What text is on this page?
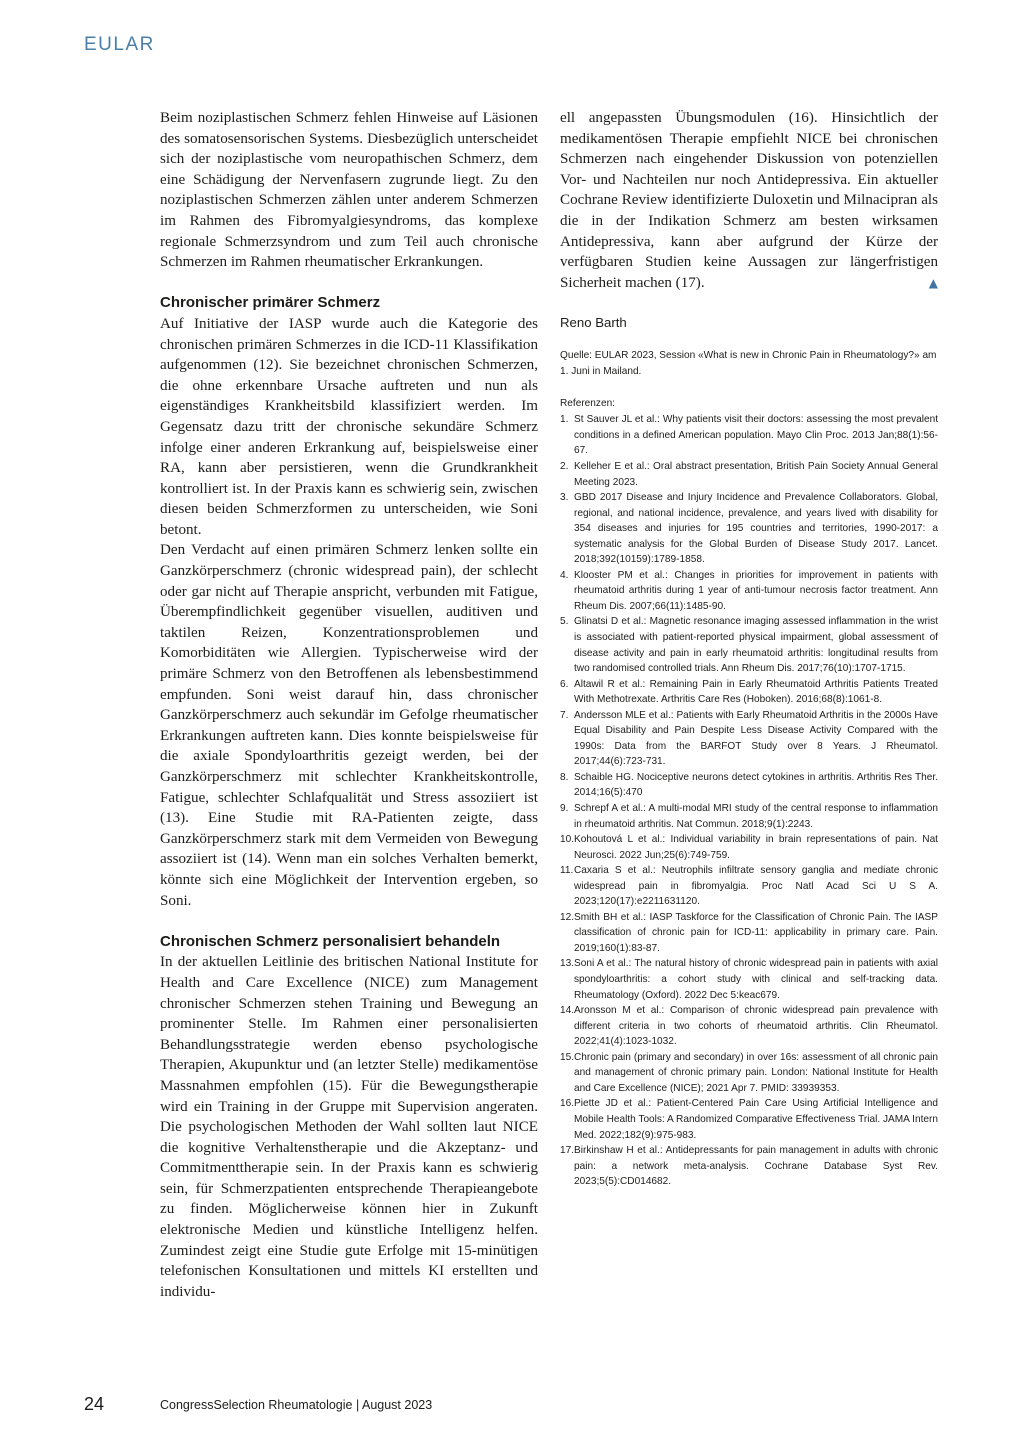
EULAR

Beim noziplastischen Schmerz fehlen Hinweise auf Läsionen des somatosensorischen Systems. Diesbezüglich unterscheidet sich der noziplastische vom neuropathischen Schmerz, dem eine Schädigung der Nervenfasern zugrunde liegt. Zu den noziplastischen Schmerzen zählen unter anderem Schmerzen im Rahmen des Fibromyalgiesyndroms, das komplexe regionale Schmerzsyndrom und zum Teil auch chronische Schmerzen im Rahmen rheumatischer Erkrankungen.

Chronischer primärer Schmerz

Auf Initiative der IASP wurde auch die Kategorie des chronischen primären Schmerzes in die ICD-11 Klassifikation aufgenommen (12). Sie bezeichnet chronischen Schmerzen, die ohne erkennbare Ursache auftreten und nun als eigenständiges Krankheitsbild klassifiziert werden. Im Gegensatz dazu tritt der chronische sekundäre Schmerz infolge einer anderen Erkrankung auf, beispielsweise einer RA, kann aber persistieren, wenn die Grundkrankheit kontrolliert ist. In der Praxis kann es schwierig sein, zwischen diesen beiden Schmerzformen zu unterscheiden, wie Soni betont.

Den Verdacht auf einen primären Schmerz lenken sollte ein Ganzkörperschmerz (chronic widespread pain), der schlecht oder gar nicht auf Therapie anspricht, verbunden mit Fatigue, Überempfindlichkeit gegenüber visuellen, auditiven und taktilen Reizen, Konzentrationsproblemen und Komorbiditäten wie Allergien. Typischerweise wird der primäre Schmerz von den Betroffenen als lebensbestimmend empfunden. Soni weist darauf hin, dass chronischer Ganzkörperschmerz auch sekundär im Gefolge rheumatischer Erkrankungen auftreten kann. Dies konnte beispielsweise für die axiale Spondyloarthritis gezeigt werden, bei der Ganzkörperschmerz mit schlechter Krankheitskontrolle, Fatigue, schlechter Schlafqualität und Stress assoziiert ist (13). Eine Studie mit RA-Patienten zeigte, dass Ganzkörperschmerz stark mit dem Vermeiden von Bewegung assoziiert ist (14). Wenn man ein solches Verhalten bemerkt, könnte sich eine Möglichkeit der Intervention ergeben, so Soni.

Chronischen Schmerz personalisiert behandeln

In der aktuellen Leitlinie des britischen National Institute for Health and Care Excellence (NICE) zum Management chronischer Schmerzen stehen Training und Bewegung an prominenter Stelle. Im Rahmen einer personalisierten Behandlungsstrategie werden ebenso psychologische Therapien, Akupunktur und (an letzter Stelle) medikamentöse Massnahmen empfohlen (15). Für die Bewegungstherapie wird ein Training in der Gruppe mit Supervision angeraten. Die psychologischen Methoden der Wahl sollten laut NICE die kognitive Verhaltenstherapie und die Akzeptanz- und Commitmenttherapie sein. In der Praxis kann es schwierig sein, für Schmerzpatienten entsprechende Therapieangebote zu finden. Möglicherweise können hier in Zukunft elektronische Medien und künstliche Intelligenz helfen. Zumindest zeigt eine Studie gute Erfolge mit 15-minütigen telefonischen Konsultationen und mittels KI erstellten und individu-

ell angepassten Übungsmodulen (16). Hinsichtlich der medikamentösen Therapie empfiehlt NICE bei chronischen Schmerzen nach eingehender Diskussion von potenziellen Vor- und Nachteilen nur noch Antidepressiva. Ein aktueller Cochrane Review identifizierte Duloxetin und Milnacipran als die in der Indikation Schmerz am besten wirksamen Antidepressiva, kann aber aufgrund der Kürze der verfügbaren Studien keine Aussagen zur längerfristigen Sicherheit machen (17).	▲

Reno Barth
Quelle: EULAR 2023, Session «What is new in Chronic Pain in Rheumatology?» am 1. Juni in Mailand.
Referenzen:
1. St Sauver JL et al.: Why patients visit their doctors: assessing the most prevalent conditions in a defined American population. Mayo Clin Proc. 2013 Jan;88(1):56-67.
2. Kelleher E et al.: Oral abstract presentation, British Pain Society Annual General Meeting 2023.
3. GBD 2017 Disease and Injury Incidence and Prevalence Collaborators. Global, regional, and national incidence, prevalence, and years lived with disability for 354 diseases and injuries for 195 countries and territories, 1990-2017: a systematic analysis for the Global Burden of Disease Study 2017. Lancet. 2018;392(10159):1789-1858.
4. Klooster PM et al.: Changes in priorities for improvement in patients with rheumatoid arthritis during 1 year of anti-tumour necrosis factor treatment. Ann Rheum Dis. 2007;66(11):1485-90.
5. Glinatsi D et al.: Magnetic resonance imaging assessed inflammation in the wrist is associated with patient-reported physical impairment, global assessment of disease activity and pain in early rheumatoid arthritis: longitudinal results from two randomised controlled trials. Ann Rheum Dis. 2017;76(10):1707-1715.
6. Altawil R et al.: Remaining Pain in Early Rheumatoid Arthritis Patients Treated With Methotrexate. Arthritis Care Res (Hoboken). 2016;68(8):1061-8.
7. Andersson MLE et al.: Patients with Early Rheumatoid Arthritis in the 2000s Have Equal Disability and Pain Despite Less Disease Activity Compared with the 1990s: Data from the BARFOT Study over 8 Years. J Rheumatol. 2017;44(6):723-731.
8. Schaible HG. Nociceptive neurons detect cytokines in arthritis. Arthritis Res Ther. 2014;16(5):470
9. Schrepf A et al.: A multi-modal MRI study of the central response to inflammation in rheumatoid arthritis. Nat Commun. 2018;9(1):2243.
10. Kohoutová L et al.: Individual variability in brain representations of pain. Nat Neurosci. 2022 Jun;25(6):749-759.
11. Caxaria S et al.: Neutrophils infiltrate sensory ganglia and mediate chronic widespread pain in fibromyalgia. Proc Natl Acad Sci U S A. 2023;120(17):e2211631120.
12. Smith BH et al.: IASP Taskforce for the Classification of Chronic Pain. The IASP classification of chronic pain for ICD-11: applicability in primary care. Pain. 2019;160(1):83-87.
13. Soni A et al.: The natural history of chronic widespread pain in patients with axial spondyloarthritis: a cohort study with clinical and self-tracking data. Rheumatology (Oxford). 2022 Dec 5:keac679.
14. Aronsson M et al.: Comparison of chronic widespread pain prevalence with different criteria in two cohorts of rheumatoid arthritis. Clin Rheumatol. 2022;41(4):1023-1032.
15. Chronic pain (primary and secondary) in over 16s: assessment of all chronic pain and management of chronic primary pain. London: National Institute for Health and Care Excellence (NICE); 2021 Apr 7. PMID: 33939353.
16. Piette JD et al.: Patient-Centered Pain Care Using Artificial Intelligence and Mobile Health Tools: A Randomized Comparative Effectiveness Trial. JAMA Intern Med. 2022;182(9):975-983.
17. Birkinshaw H et al.: Antidepressants for pain management in adults with chronic pain: a network meta-analysis. Cochrane Database Syst Rev. 2023;5(5):CD014682.
24	CongressSelection Rheumatologie | August 2023
